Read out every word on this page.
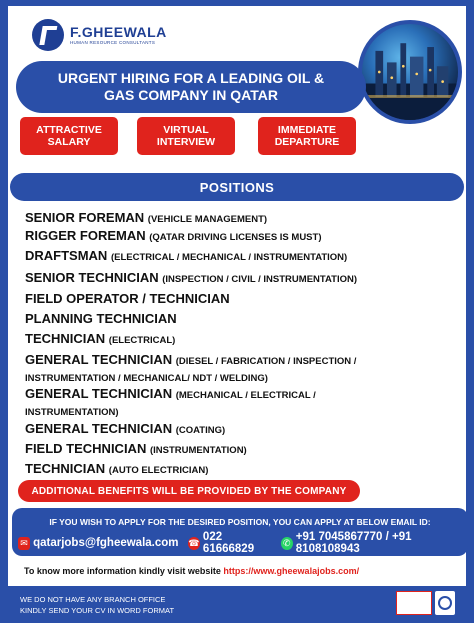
F.GHEEWALA
HUMAN RESOURCE CONSULTANTS
URGENT HIRING FOR A LEADING OIL & GAS COMPANY IN QATAR
ATTRACTIVE SALARY
VIRTUAL INTERVIEW
IMMEDIATE DEPARTURE
POSITIONS
SENIOR FOREMAN (VEHICLE MANAGEMENT)
RIGGER FOREMAN (QATAR DRIVING LICENSES IS MUST)
DRAFTSMAN (ELECTRICAL / MECHANICAL / INSTRUMENTATION)
SENIOR TECHNICIAN (INSPECTION / CIVIL / INSTRUMENTATION)
FIELD OPERATOR / TECHNICIAN
PLANNING TECHNICIAN
TECHNICIAN (ELECTRICAL)
GENERAL TECHNICIAN (DIESEL / FABRICATION / INSPECTION / INSTRUMENTATION / MECHANICAL/ NDT / WELDING)
GENERAL TECHNICIAN (MECHANICAL / ELECTRICAL / INSTRUMENTATION)
GENERAL TECHNICIAN (COATING)
FIELD TECHNICIAN (INSTRUMENTATION)
TECHNICIAN (AUTO ELECTRICIAN)
ADDITIONAL BENEFITS WILL BE PROVIDED BY THE COMPANY
IF YOU WISH TO APPLY FOR THE DESIRED POSITION, YOU CAN APPLY AT BELOW EMAIL ID:
✉ qatarjobs@fgheewala.com ☎ 022 61666829
✆ +91 7045867770 / +91 8108108943
To know more information kindly visit website https://www.gheewalajobs.com/
WE DO NOT HAVE ANY BRANCH OFFICE
KINDLY SEND YOUR CV IN WORD FORMAT
